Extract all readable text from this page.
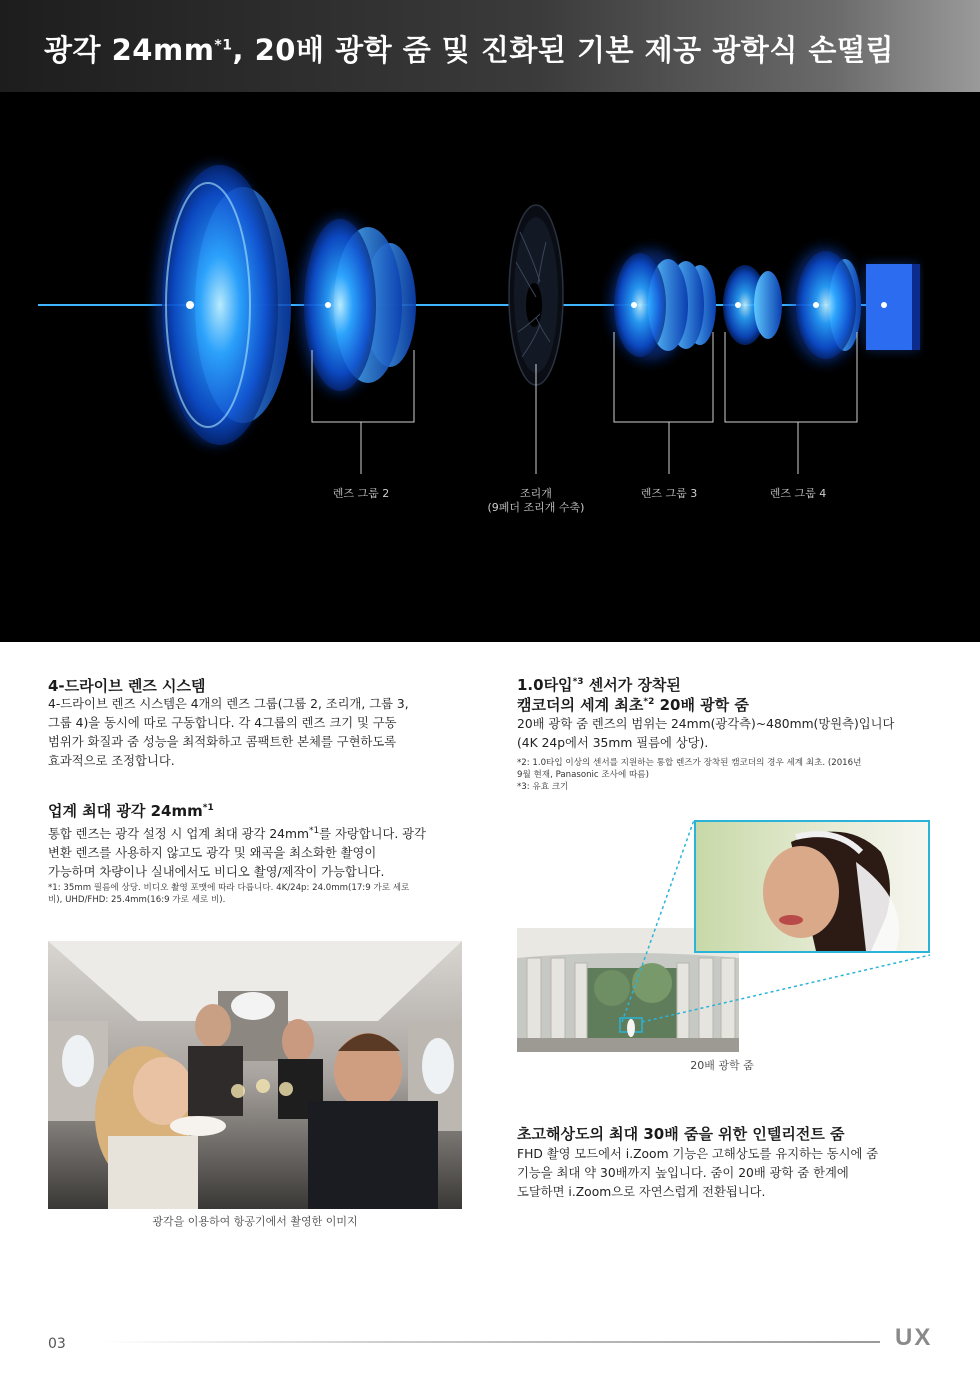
광각 $24mm^{*1}$, 20배 광학 줌 및 진화된 기본 제공 광학식 손떨림
렌즈 그룹 2	조리개
(9페더 조리개 수축)
렌즈 그룹 3	렌즈 그룹 4
4-드라이브 렌즈 시스템
4-드라이브 렌즈 시스템은 4개의 렌즈 그룹(그룹 2, 조리개, 그룹 3,
그룹 4)을 동시에 따로 구동합니다. 각 4그룹의 렌즈 크기 및 구동
범위가 화질과 줌 성능을 최적화하고 콤팩트한 본체를 구현하도록
효과적으로 조정합니다.
업계 최대 광각 $24mm^{*1}$
통합 렌즈는 광각 설정 시 업계 최대 광각 $24mm^{*1}$를 자랑합니다. 광각
변환 렌즈를 사용하지 않고도 광각 및 왜곡을 최소화한 촬영이
가능하며 차량이나 실내에서도 비디오 촬영/제작이 가능합니다.
*1: 35mm 필름에 상당. 비디오 촬영 포맷에 따라 다릅니다. 4K/24p: 24.0mm(17:9 가로 세로
비), UHD/FHD: 25.4mm(16:9 가로 세로 비).
광각을 이용하여 항공기에서 촬영한 이미지
1.0타입$^{*3}$ 센서가 장착된
캠코더의 세계 최초$^{*2}$ 20배 광학 줌
20배 광학 줌 렌즈의 범위는 24mm(광각측)~480mm(망원측)입니다
(4K 24p에서 35mm 필름에 상당).
*2: 1.0타입 이상의 센서를 지원하는 통합 렌즈가 장착된 캠코더의 경우 세계 최초. (2016년
9월 현재, Panasonic 조사에 따름)
*3: 유효 크기
20배 광학 줌
초고해상도의 최대 30배 줌을 위한 인텔리전트 줌
FHD 촬영 모드에서 i.Zoom 기능은 고해상도를 유지하는 동시에 줌
기능을 최대 약 30배까지 높입니다. 줌이 20배 광학 줌 한계에
도달하면 i.Zoom으로 자연스럽게 전환됩니다.
03	UX
